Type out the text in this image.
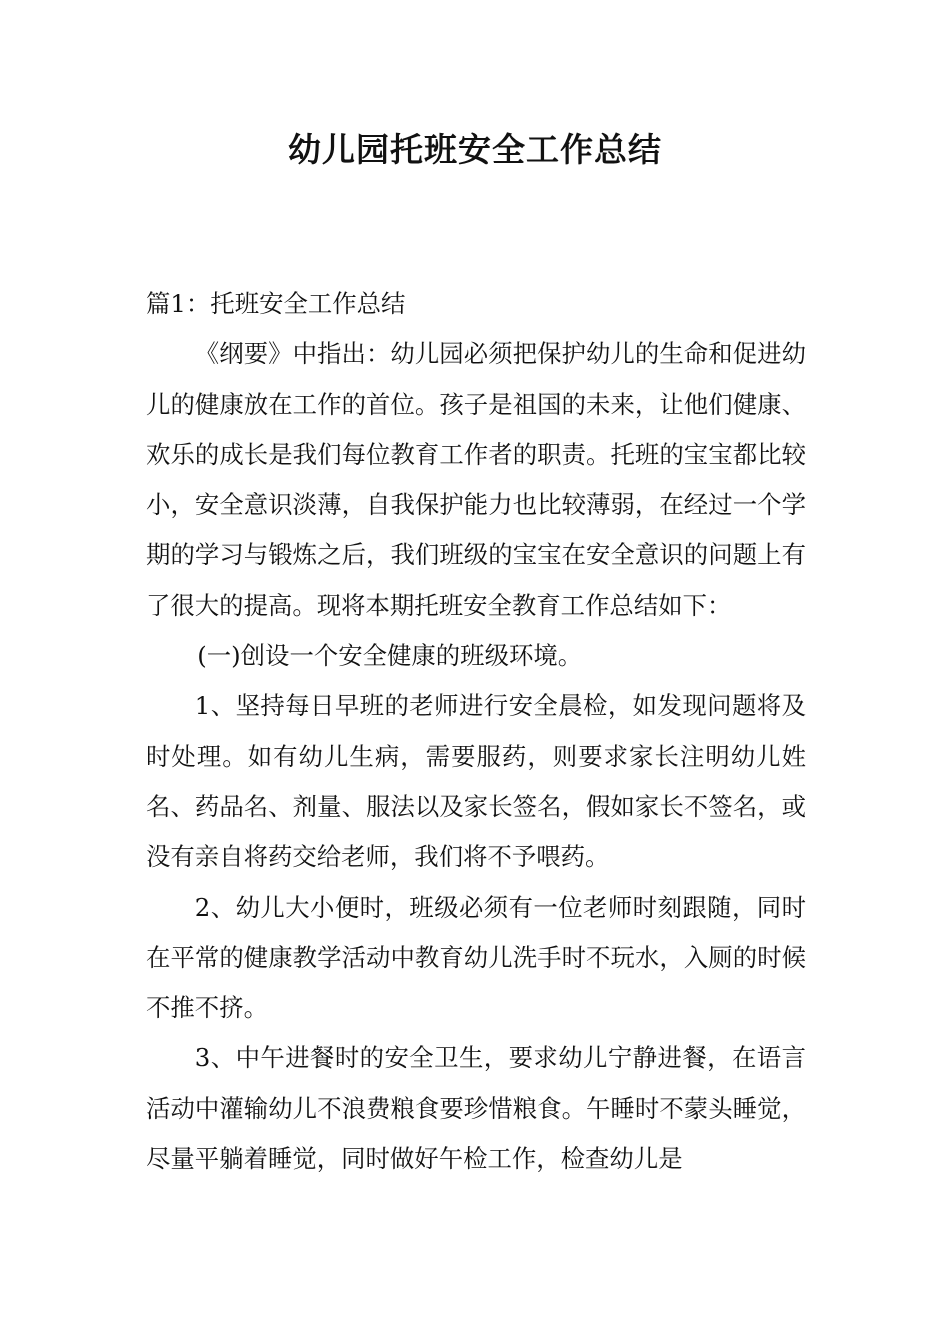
幼儿园托班安全工作总结

篇1：托班安全工作总结

《纲要》中指出：幼儿园必须把保护幼儿的生命和促进幼儿的健康放在工作的首位。孩子是祖国的未来，让他们健康、欢乐的成长是我们每位教育工作者的职责。托班的宝宝都比较小，安全意识淡薄，自我保护能力也比较薄弱，在经过一个学期的学习与锻炼之后，我们班级的宝宝在安全意识的问题上有了很大的提高。现将本期托班安全教育工作总结如下：

(一)创设一个安全健康的班级环境。

1、坚持每日早班的老师进行安全晨检，如发现问题将及时处理。如有幼儿生病，需要服药，则要求家长注明幼儿姓名、药品名、剂量、服法以及家长签名，假如家长不签名，或没有亲自将药交给老师，我们将不予喂药。

2、幼儿大小便时，班级必须有一位老师时刻跟随，同时在平常的健康教学活动中教育幼儿洗手时不玩水，入厕的时候不推不挤。

3、中午进餐时的安全卫生，要求幼儿宁静进餐，在语言活动中灌输幼儿不浪费粮食要珍惜粮食。午睡时不蒙头睡觉，尽量平躺着睡觉，同时做好午检工作，检查幼儿是
